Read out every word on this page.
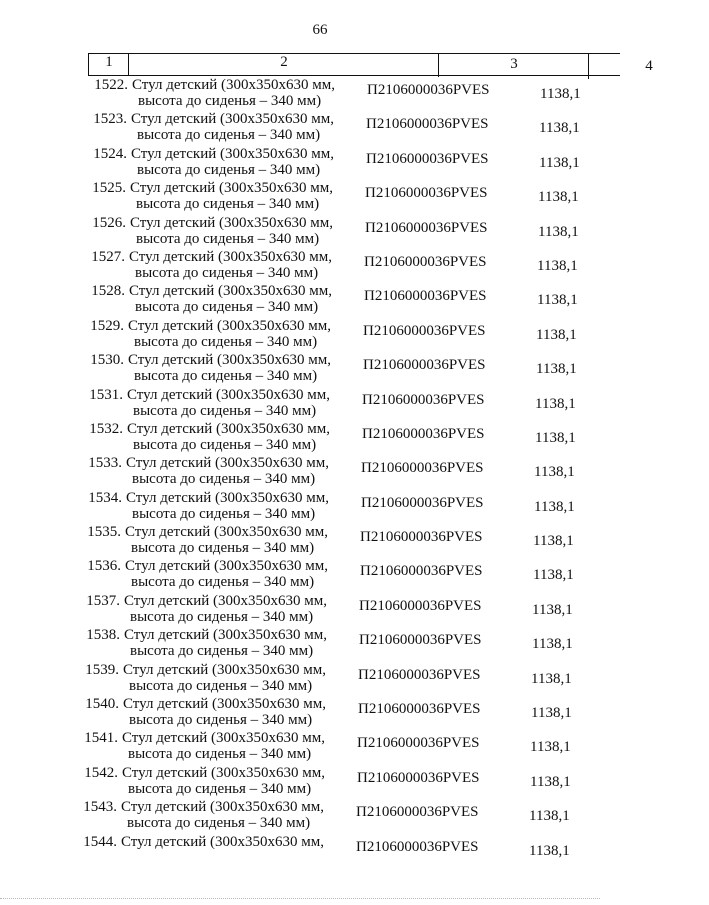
66
1	2	3	4
1522. Стул детский (300x350x630 мм,
высота до сиденья – 340 мм)
П2106000036PVES	1138,1
1523. Стул детский (300x350x630 мм,
высота до сиденья – 340 мм)
П2106000036PVES	1138,1
1524. Стул детский (300x350x630 мм,
высота до сиденья – 340 мм)
П2106000036PVES	1138,1
1525. Стул детский (300x350x630 мм,
высота до сиденья – 340 мм)
П2106000036PVES	1138,1
1526. Стул детский (300x350x630 мм,
высота до сиденья – 340 мм)
П2106000036PVES	1138,1
1527. Стул детский (300x350x630 мм,
высота до сиденья – 340 мм)
П2106000036PVES	1138,1
1528. Стул детский (300x350x630 мм,
высота до сиденья – 340 мм)
П2106000036PVES	1138,1
1529. Стул детский (300x350x630 мм,
высота до сиденья – 340 мм)
П2106000036PVES	1138,1
1530. Стул детский (300x350x630 мм,
высота до сиденья – 340 мм)
П2106000036PVES	1138,1
1531. Стул детский (300x350x630 мм,
высота до сиденья – 340 мм)
П2106000036PVES	1138,1
1532. Стул детский (300x350x630 мм,
высота до сиденья – 340 мм)
П2106000036PVES	1138,1
1533. Стул детский (300x350x630 мм,
высота до сиденья – 340 мм)
П2106000036PVES	1138,1
1534. Стул детский (300x350x630 мм,
высота до сиденья – 340 мм)
П2106000036PVES	1138,1
1535. Стул детский (300x350x630 мм,
высота до сиденья – 340 мм)
П2106000036PVES	1138,1
1536. Стул детский (300x350x630 мм,
высота до сиденья – 340 мм)
П2106000036PVES	1138,1
1537. Стул детский (300x350x630 мм,
высота до сиденья – 340 мм)
П2106000036PVES	1138,1
1538. Стул детский (300x350x630 мм,
высота до сиденья – 340 мм)
П2106000036PVES	1138,1
1539. Стул детский (300x350x630 мм,
высота до сиденья – 340 мм)
П2106000036PVES	1138,1
1540. Стул детский (300x350x630 мм,
высота до сиденья – 340 мм)
П2106000036PVES	1138,1
1541. Стул детский (300x350x630 мм,
высота до сиденья – 340 мм)
П2106000036PVES	1138,1
1542. Стул детский (300x350x630 мм,
высота до сиденья – 340 мм)
П2106000036PVES	1138,1
1543. Стул детский (300x350x630 мм,
высота до сиденья – 340 мм)
П2106000036PVES	1138,1
1544. Стул детский (300x350x630 мм,	П2106000036PVES	1138,1
